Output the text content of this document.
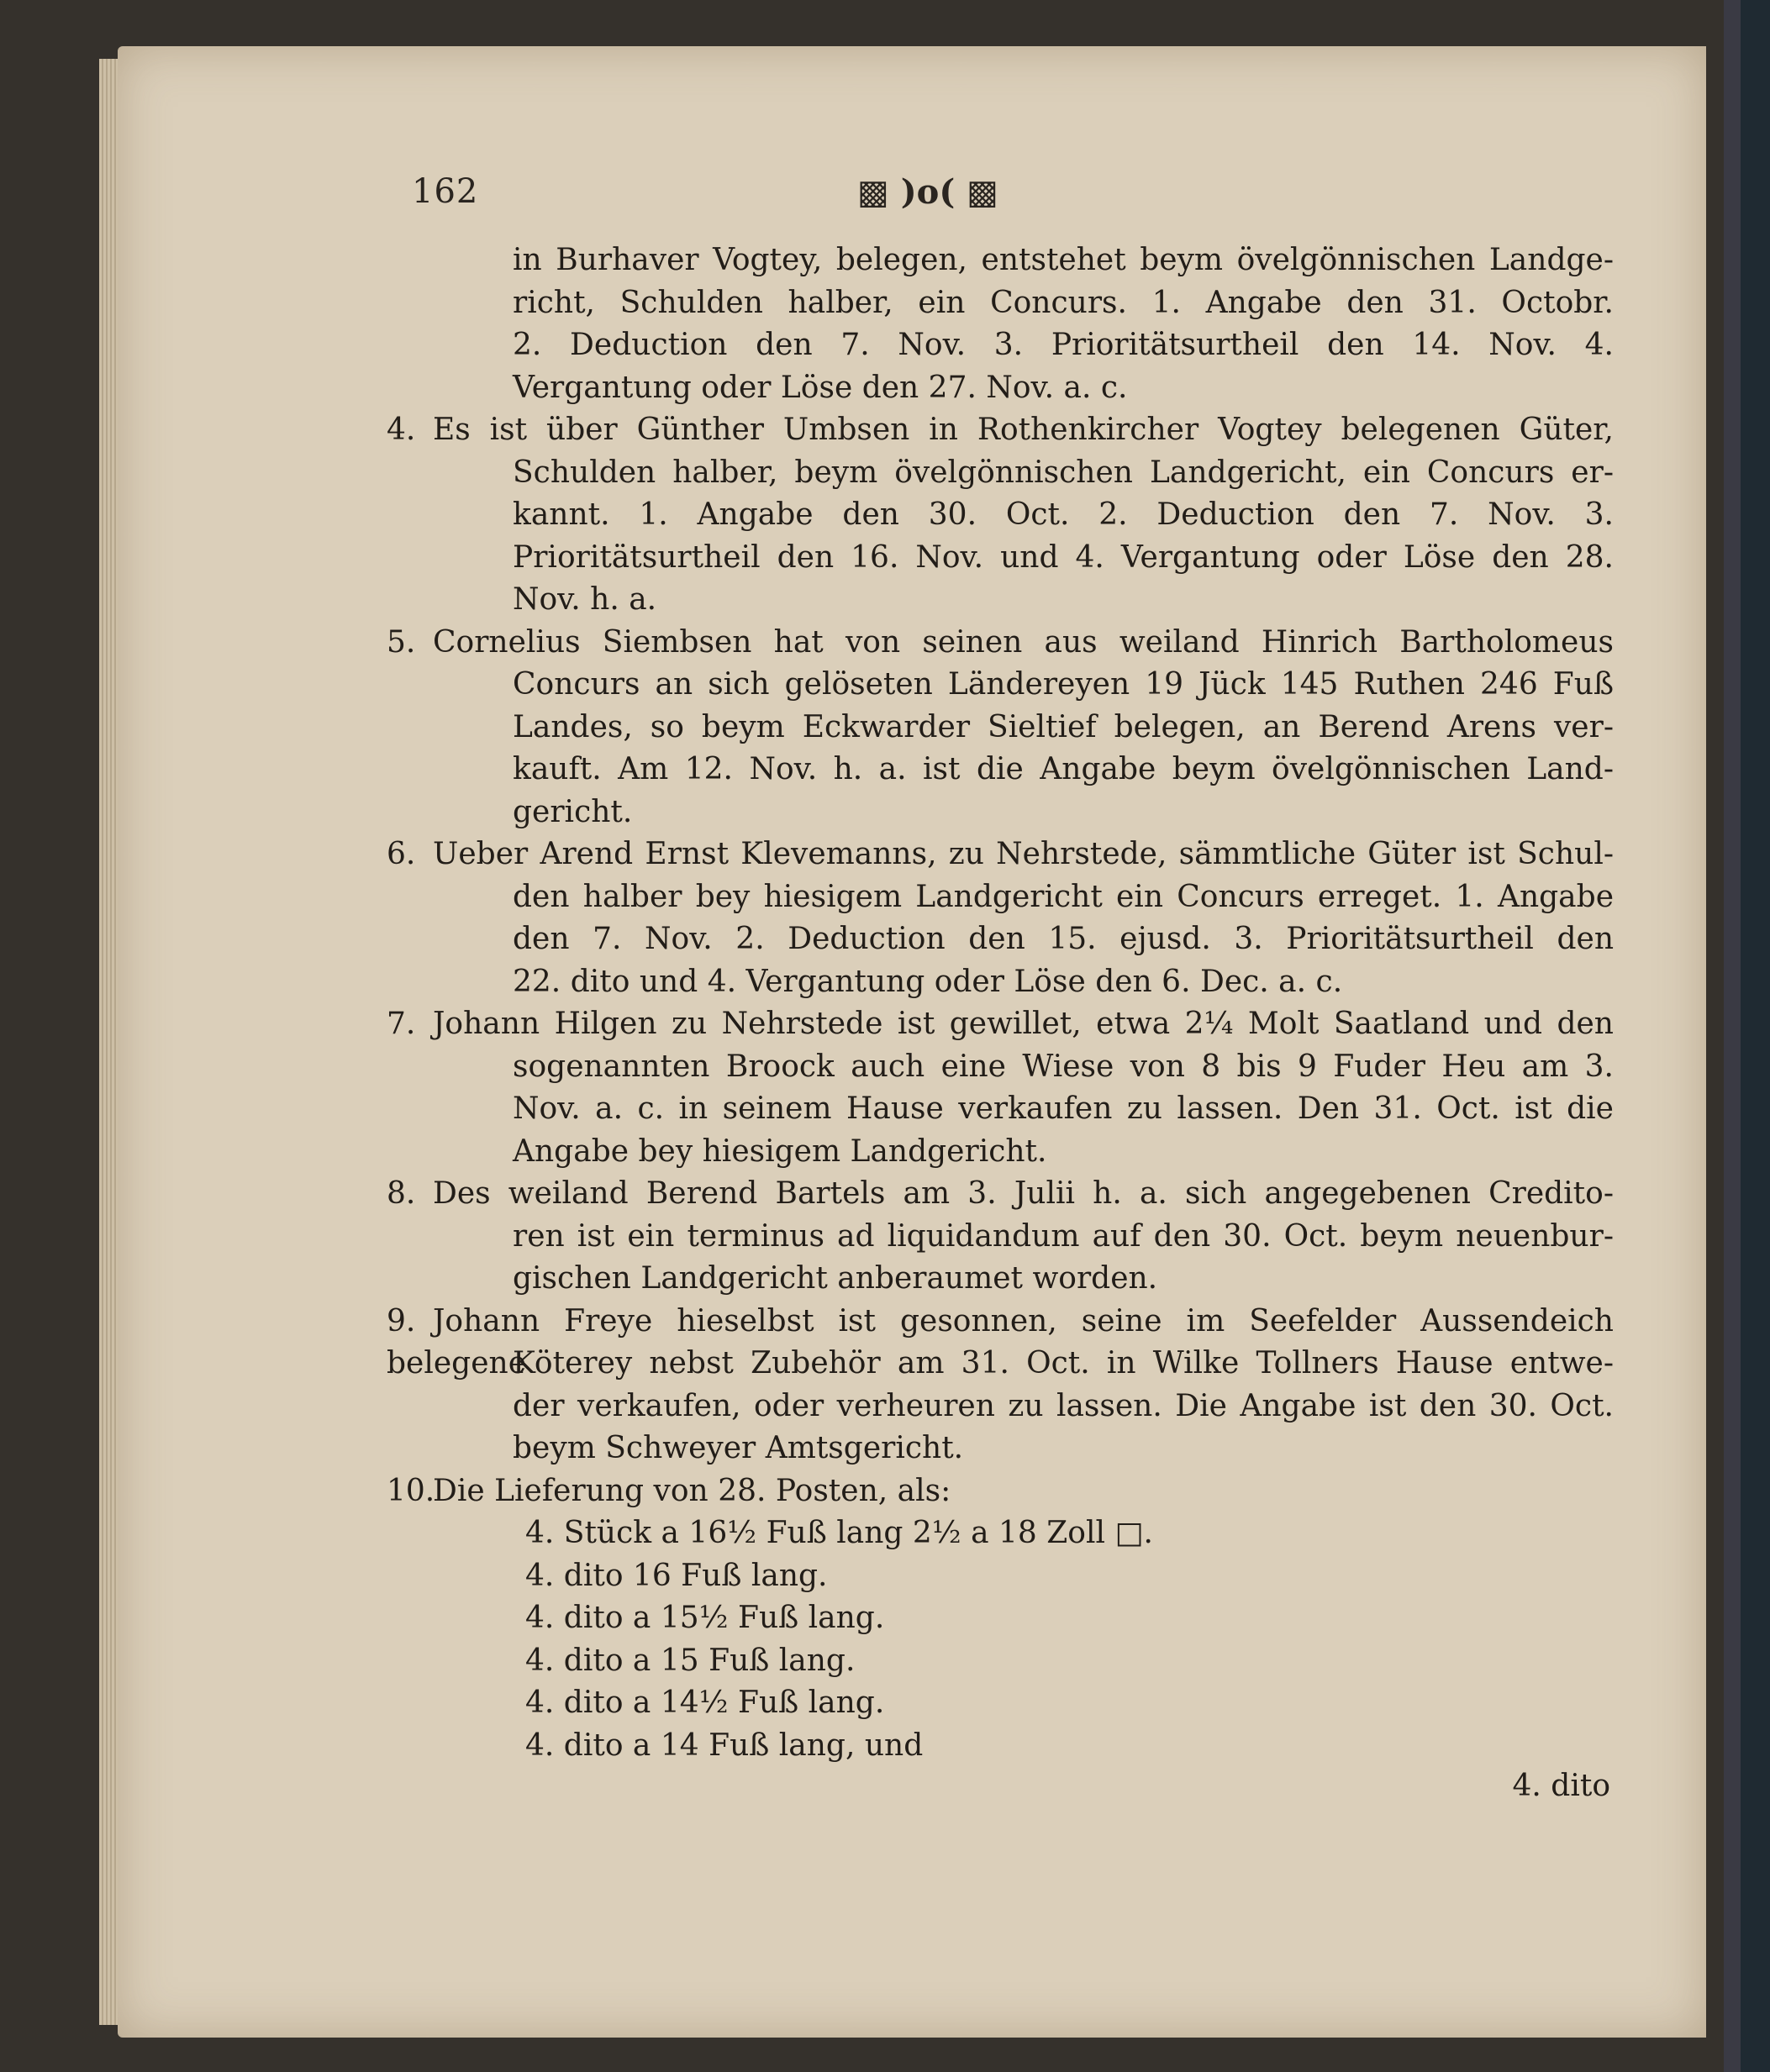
162	▩ )o( ▩
in Burhaver Vogtey, belegen, entstehet beym övelgönnischen Landge-
richt, Schulden halber, ein Concurs. 1. Angabe den 31. Octobr.
2. Deduction den 7. Nov. 3. Prioritätsurtheil den 14. Nov. 4.
Vergantung oder Löse den 27. Nov. a. c.
4. Es ist über Günther Umbsen in Rothenkircher Vogtey belegenen Güter,
Schulden halber, beym övelgönnischen Landgericht, ein Concurs er-
kannt. 1. Angabe den 30. Oct. 2. Deduction den 7. Nov. 3.
Prioritätsurtheil den 16. Nov. und 4. Vergantung oder Löse den 28.
Nov. h. a.
5. Cornelius Siembsen hat von seinen aus weiland Hinrich Bartholomeus
Concurs an sich gelöseten Ländereyen 19 Jück 145 Ruthen 246 Fuß
Landes, so beym Eckwarder Sieltief belegen, an Berend Arens ver-
kauft. Am 12. Nov. h. a. ist die Angabe beym övelgönnischen Land-
gericht.
6. Ueber Arend Ernst Klevemanns, zu Nehrstede, sämmtliche Güter ist Schul-
den halber bey hiesigem Landgericht ein Concurs erreget. 1. Angabe
den 7. Nov. 2. Deduction den 15. ejusd. 3. Prioritätsurtheil den
22. dito und 4. Vergantung oder Löse den 6. Dec. a. c.
7. Johann Hilgen zu Nehrstede ist gewillet, etwa 2¼ Molt Saatland und den
sogenannten Broock auch eine Wiese von 8 bis 9 Fuder Heu am 3.
Nov. a. c. in seinem Hause verkaufen zu lassen. Den 31. Oct. ist die
Angabe bey hiesigem Landgericht.
8. Des weiland Berend Bartels am 3. Julii h. a. sich angegebenen Credito-
ren ist ein terminus ad liquidandum auf den 30. Oct. beym neuenbur-
gischen Landgericht anberaumet worden.
9. Johann Freye hieselbst ist gesonnen, seine im Seefelder Aussendeich belegene
Köterey nebst Zubehör am 31. Oct. in Wilke Tollners Hause entwe-
der verkaufen, oder verheuren zu lassen. Die Angabe ist den 30. Oct.
beym Schweyer Amtsgericht.
10.Die Lieferung von 28. Posten, als:
4. Stück a 16½ Fuß lang 2½ a 18 Zoll □.
4. dito 16 Fuß lang.
4. dito a 15½ Fuß lang.
4. dito a 15 Fuß lang.
4. dito a 14½ Fuß lang.
4. dito a 14 Fuß lang, und
4. dito
